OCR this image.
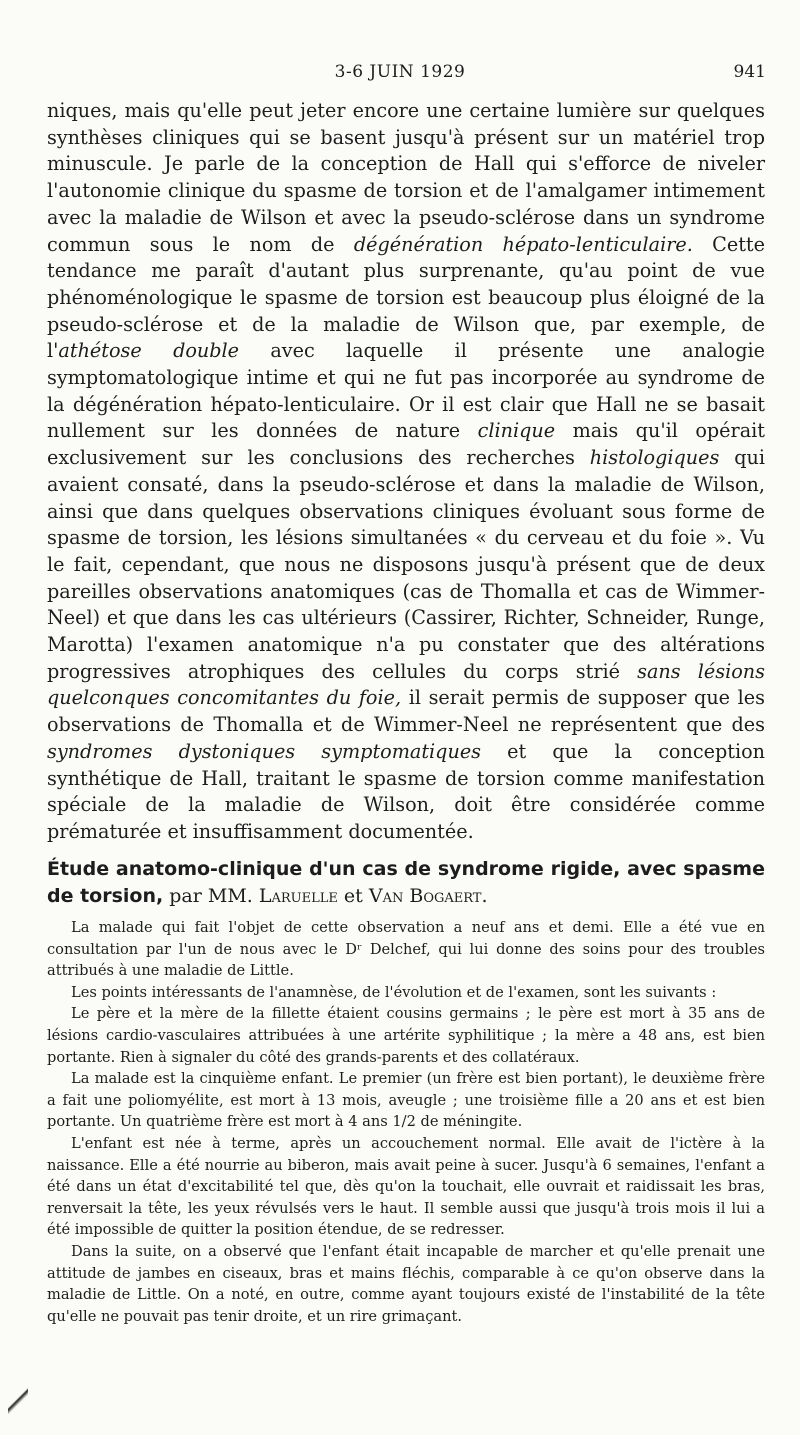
3-6 JUIN 1929	941

niques, mais qu'elle peut jeter encore une certaine lumière sur quelques synthèses cliniques qui se basent jusqu'à présent sur un matériel trop minuscule. Je parle de la conception de Hall qui s'efforce de niveler l'autonomie clinique du spasme de torsion et de l'amalgamer intimement avec la maladie de Wilson et avec la pseudo-sclérose dans un syndrome commun sous le nom de dégénération hépato-lenticulaire. Cette tendance me paraît d'autant plus surprenante, qu'au point de vue phénoménologique le spasme de torsion est beaucoup plus éloigné de la pseudo-sclérose et de la maladie de Wilson que, par exemple, de l'athétose double avec laquelle il présente une analogie symptomatologique intime et qui ne fut pas incorporée au syndrome de la dégénération hépato-lenticulaire. Or il est clair que Hall ne se basait nullement sur les données de nature clinique mais qu'il opérait exclusivement sur les conclusions des recherches histologiques qui avaient consaté, dans la pseudo-sclérose et dans la maladie de Wilson, ainsi que dans quelques observations cliniques évoluant sous forme de spasme de torsion, les lésions simultanées « du cerveau et du foie ». Vu le fait, cependant, que nous ne disposons jusqu'à présent que de deux pareilles observations anatomiques (cas de Thomalla et cas de Wimmer-Neel) et que dans les cas ultérieurs (Cassirer, Richter, Schneider, Runge, Marotta) l'examen anatomique n'a pu constater que des altérations progressives atrophiques des cellules du corps strié sans lésions quelconques concomitantes du foie, il serait permis de supposer que les observations de Thomalla et de Wimmer-Neel ne représentent que des syndromes dystoniques symptomatiques et que la conception synthétique de Hall, traitant le spasme de torsion comme manifestation spéciale de la maladie de Wilson, doit être considérée comme prématurée et insuffisamment documentée.

Étude anatomo-clinique d'un cas de syndrome rigide, avec spasme de torsion, par MM. Laruelle et Van Bogaert.

La malade qui fait l'objet de cette observation a neuf ans et demi. Elle a été vue en consultation par l'un de nous avec le Dʳ Delchef, qui lui donne des soins pour des troubles attribués à une maladie de Little.

Les points intéressants de l'anamnèse, de l'évolution et de l'examen, sont les suivants :

Le père et la mère de la fillette étaient cousins germains ; le père est mort à 35 ans de lésions cardio-vasculaires attribuées à une artérite syphilitique ; la mère a 48 ans, est bien portante. Rien à signaler du côté des grands-parents et des collatéraux.

La malade est la cinquième enfant. Le premier (un frère est bien portant), le deuxième frère a fait une poliomyélite, est mort à 13 mois, aveugle ; une troisième fille a 20 ans et est bien portante. Un quatrième frère est mort à 4 ans 1/2 de méningite.

L'enfant est née à terme, après un accouchement normal. Elle avait de l'ictère à la naissance. Elle a été nourrie au biberon, mais avait peine à sucer. Jusqu'à 6 semaines, l'enfant a été dans un état d'excitabilité tel que, dès qu'on la touchait, elle ouvrait et raidissait les bras, renversait la tête, les yeux révulsés vers le haut. Il semble aussi que jusqu'à trois mois il lui a été impossible de quitter la position étendue, de se redresser.

Dans la suite, on a observé que l'enfant était incapable de marcher et qu'elle prenait une attitude de jambes en ciseaux, bras et mains fléchis, comparable à ce qu'on observe dans la maladie de Little. On a noté, en outre, comme ayant toujours existé de l'instabilité de la tête qu'elle ne pouvait pas tenir droite, et un rire grimaçant.
